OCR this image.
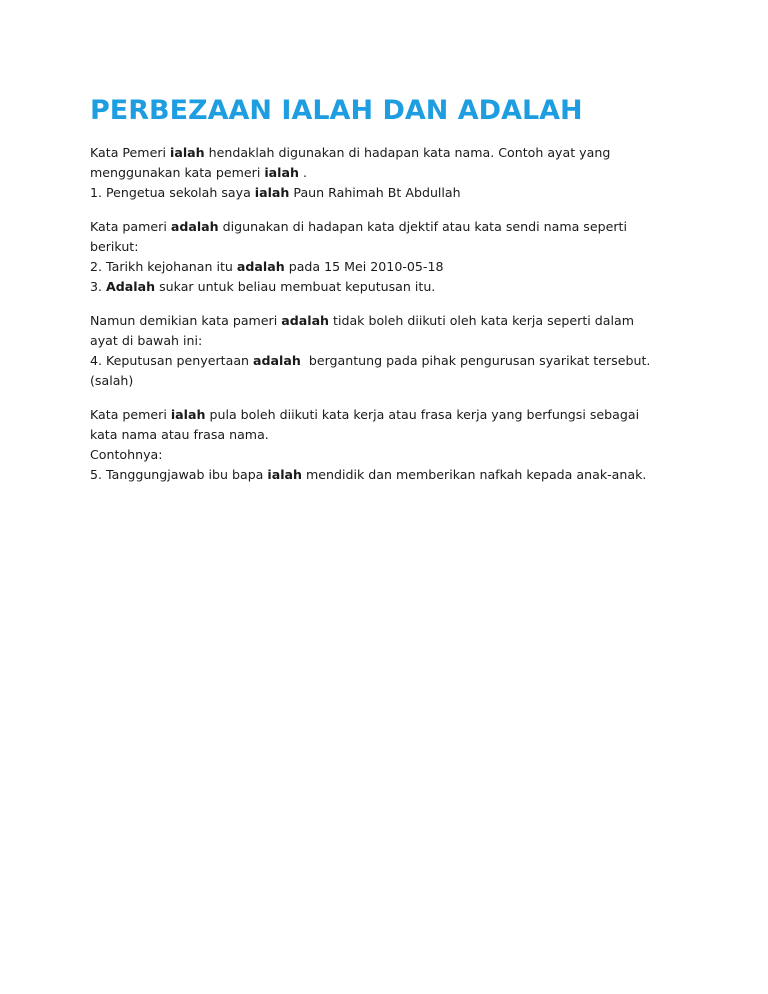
PERBEZAAN IALAH DAN ADALAH
Kata Pemeri ialah hendaklah digunakan di hadapan kata nama. Contoh ayat yang
menggunakan kata pemeri ialah .
1. Pengetua sekolah saya ialah Paun Rahimah Bt Abdullah
Kata pameri adalah digunakan di hadapan kata djektif atau kata sendi nama seperti
berikut:
2. Tarikh kejohanan itu adalah pada 15 Mei 2010-05-18
3. Adalah sukar untuk beliau membuat keputusan itu.
Namun demikian kata pameri adalah tidak boleh diikuti oleh kata kerja seperti dalam
ayat di bawah ini:
4. Keputusan penyertaan adalah  bergantung pada pihak pengurusan syarikat tersebut.
(salah)
Kata pemeri ialah pula boleh diikuti kata kerja atau frasa kerja yang berfungsi sebagai
kata nama atau frasa nama.
Contohnya:
5. Tanggungjawab ibu bapa ialah mendidik dan memberikan nafkah kepada anak-anak.
